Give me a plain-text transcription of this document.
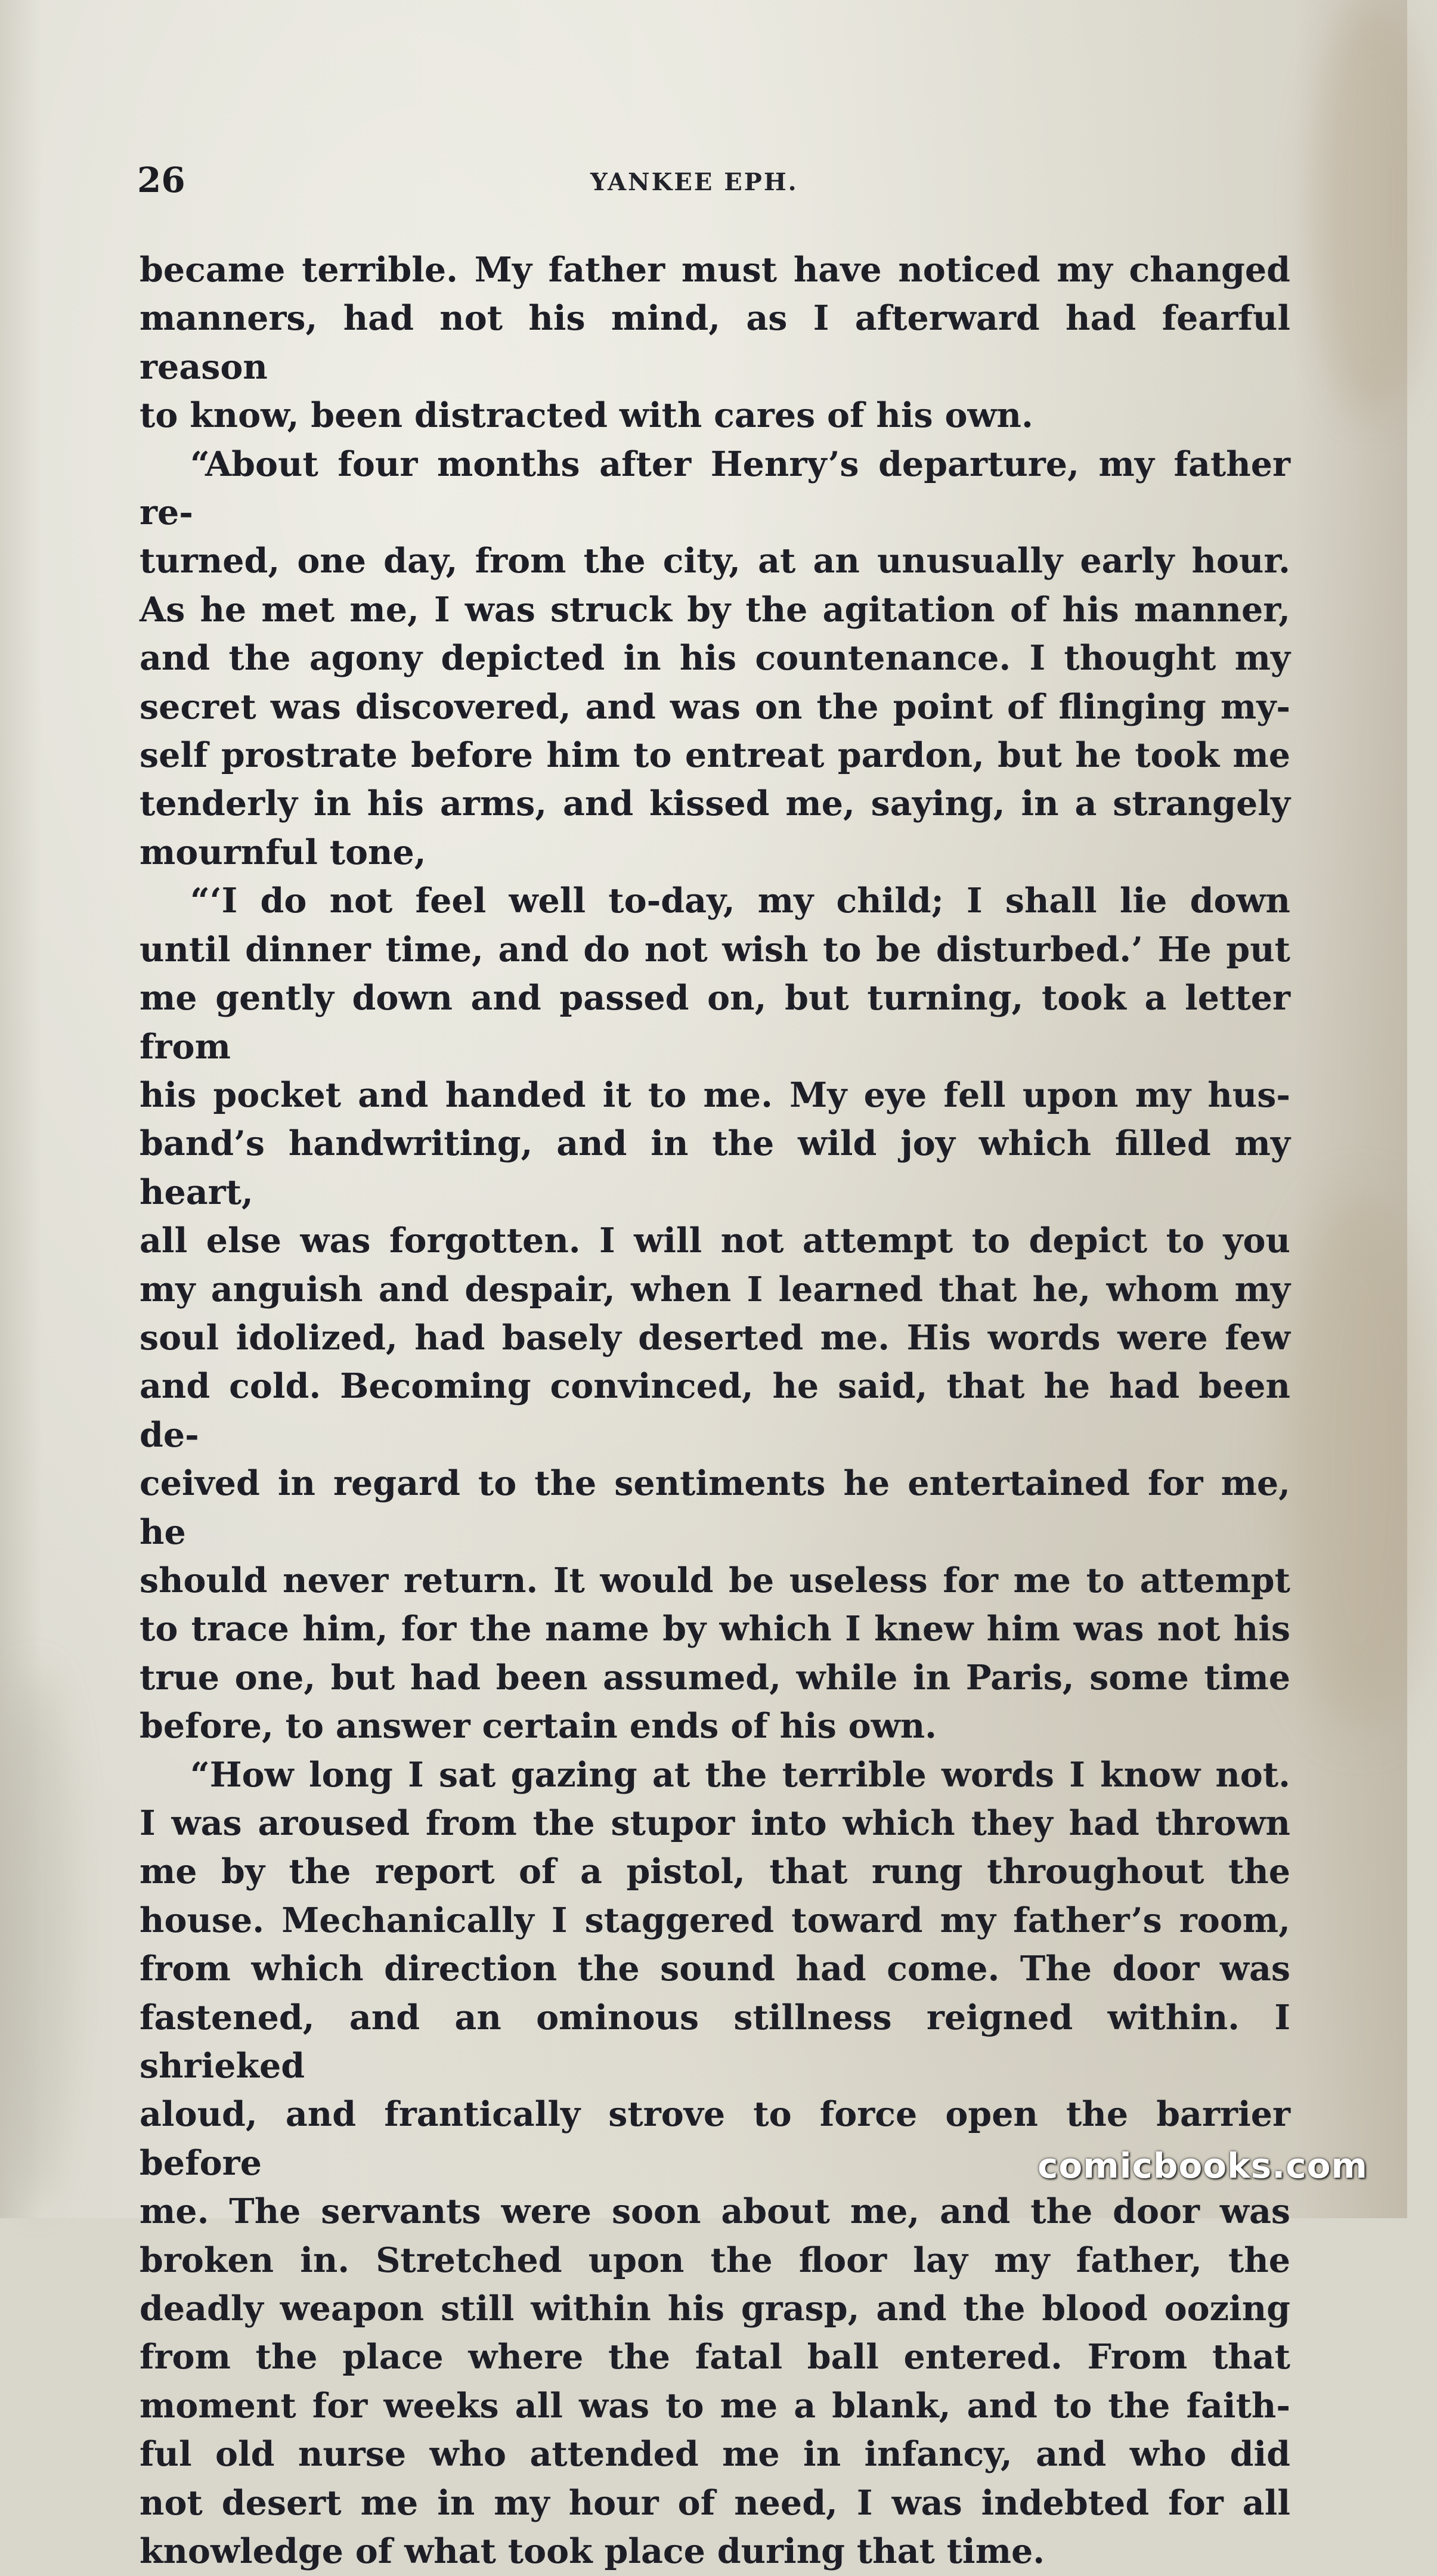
26	YANKEE EPH.

became terrible. My father must have noticed my changed

manners, had not his mind, as I afterward had fearful reason

to know, been distracted with cares of his own.

“About four months after Henry’s departure, my father re-

turned, one day, from the city, at an unusually early hour.

As he met me, I was struck by the agitation of his manner,

and the agony depicted in his countenance. I thought my

secret was discovered, and was on the point of flinging my-

self prostrate before him to entreat pardon, but he took me

tenderly in his arms, and kissed me, saying, in a strangely

mournful tone,

“‘I do not feel well to-day, my child; I shall lie down

until dinner time, and do not wish to be disturbed.’ He put

me gently down and passed on, but turning, took a letter from

his pocket and handed it to me. My eye fell upon my hus-

band’s handwriting, and in the wild joy which filled my heart,

all else was forgotten. I will not attempt to depict to you

my anguish and despair, when I learned that he, whom my

soul idolized, had basely deserted me. His words were few

and cold. Becoming convinced, he said, that he had been de-

ceived in regard to the sentiments he entertained for me, he

should never return. It would be useless for me to attempt

to trace him, for the name by which I knew him was not his

true one, but had been assumed, while in Paris, some time

before, to answer certain ends of his own.

“How long I sat gazing at the terrible words I know not.

I was aroused from the stupor into which they had thrown

me by the report of a pistol, that rung throughout the

house. Mechanically I staggered toward my father’s room,

from which direction the sound had come. The door was

fastened, and an ominous stillness reigned within. I shrieked

aloud, and frantically strove to force open the barrier before

me. The servants were soon about me, and the door was

broken in. Stretched upon the floor lay my father, the

deadly weapon still within his grasp, and the blood oozing

from the place where the fatal ball entered. From that

moment for weeks all was to me a blank, and to the faith-

ful old nurse who attended me in infancy, and who did

not desert me in my hour of need, I was indebted for all

knowledge of what took place during that time.

comicbooks.com
